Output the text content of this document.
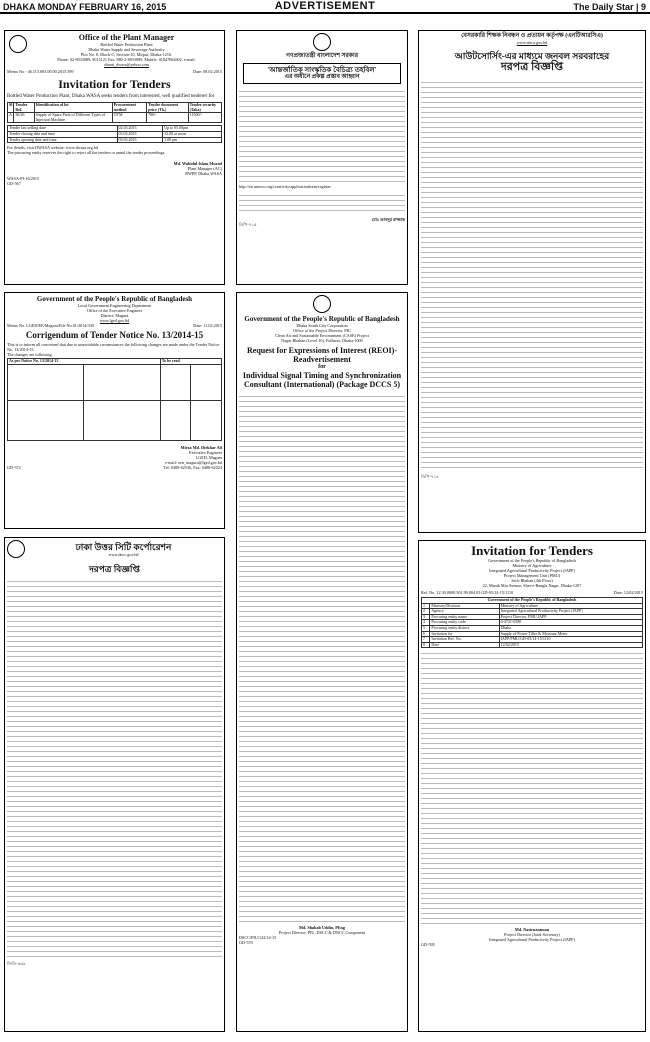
DHAKA MONDAY FEBRUARY 16, 2015	ADVERTISEMENT	The Daily Star | 9
Office of the Plant Manager
Bottled Water Production Plant
Dhaka Water Supply and Sewerage Authority
Plot No. 8, Block-C, Section-10, Mirpur, Dhaka-1216.
Phone: 02-8033089, 9015121 Fax: 880-2-8033089, Mobile: 01847062602, e-mail:
shanti_dwasa@yahoo.com
Memo No.- 46.113.003.00.00.2015.599	Date: 08.02.2015
Invitation for Tenders
Bottled Water Production Plant, Dhaka WASA seeks tenders from interested, well qualified tenderer for
Sl	Tender Ref.	Identification of lot	Procurement method	Tender document price (Tk.)	Tender security (Taka)
A	36/26	Supply of Spare Parts of Different Types of Injection Machine.	OTM	700/-	11500/-
Tender last selling date	02.03.2015	Up to 05.00pm
Tender closing date and time	03.03.2015	12.00 at noon
Tender opening date and time	03.03.2015	1.00 pm
For details, visit DWASA website: www.dwasa.org.bd
The procuring entity reserves the right to reject all the tenders or annul the tender proceedings.
Md. Wahidul Islam Murad
Plant Manager (AC)
BWPP, Dhaka WASA
WASA-PI-16/2015
GD-567
গণপ্রজাতন্ত্রী বাংলাদেশ সরকার
'আন্তর্জাতিক সাংস্কৃতিক বৈচিত্র্য তহবিল'
এর অধীনে প্রকল্প প্রস্তাব আহ্বান
http://en.unesco.org/creativity/applicationform/register
মোঃ আবদুর রাজ্জাক
ডিপি-৭১৫
বেসরকারি শিক্ষক নিবন্ধন ও প্রত্যয়ন কর্তৃপক্ষ (এনটিআরসিএ)
www.ntrca.gov.bd
আউটসোর্সিং-এর মাধ্যমে জনবল সরবরাহের
দরপত্র বিজ্ঞপ্তি
ডিপি-৭১৪
Government of the People's Republic of Bangladesh
Local Government Engineering Department
Office of the Executive Engineer
District: Magura
www.lged.gov.bd
Memo No. LGED/EE/Magura/File No.01/2014/330	Date: 11.02.2015
Corrigendum of Tender Notice No. 13/2014-15
This is to inform all concerned that due to unavoidable circumstances the following changes are made under the Tender Notice No. 13/2014-15.
The changes are following.
As per Notice No. 13/2014-15		To be read	

Mirza Md. Iftekhar Ali
Executive Engineer
LGED, Magura
e-mail: xen_magura@lged.gov.bd
GD-572	Tel: 0488-62536, Fax: 0488-62524
Government of the People's Republic of Bangladesh
Dhaka South City Corporation
Office of the Project Director, PIU
Clean Air and Sustainable Environment (CASE) Project
Nagar Bhaban (Level 10), Fulbaria, Dhaka-1000
Request for Expressions of Interest (REOI)- Readvertisement
for
Individual Signal Timing and Synchronization Consultant (International) (Package DCCS 5)
Md. Shahab Uddin, PEng
Project Director, PIU, DSCC & DNCC Component
DSCC/PIU/142/14-15
GD-570
ঢাকা উত্তর সিটি কর্পোরেশন
www.dncc.gov.bd
দরপত্র বিজ্ঞপ্তি
জিডি-৫৬৯
Invitation for Tenders
Government of the People's Republic of Bangladesh
Ministry of Agriculture
Integrated Agricultural Productivity Project (IAPP)
Project Management Unit (PMU)
Sech Bhaban (4th Floor)
22, Manik Mia Avenue, Sher-e-Bangla Nagar, Dhaka-1207
Ref. No. 12.30.0000.501.99.004.05.GD-05/14-15/1110	Date: 12/02/2015
Government of the People's Republic of Bangladesh		
1	Ministry/Division	Ministry of Agriculture
2	Agency	Integrated Agricultural Productivity Project (IAPP)
3	Procuring entity name	Project Director, PMU,IAPP
4	Procuring entity code	0-4731-0580
5	Procuring entity district	Dhaka
6	Invitation for	Supply of Power Tiller & Moisture Meter
7	Invitation Ref. No.	IAPP/PMU/GD-05/14-15/1110
8	Date	12/02/2015
Md. Nasiruzzaman
Project Director (Joint Secretary)
Integrated Agricultural Productivity Project (IAPP)
GD-595
